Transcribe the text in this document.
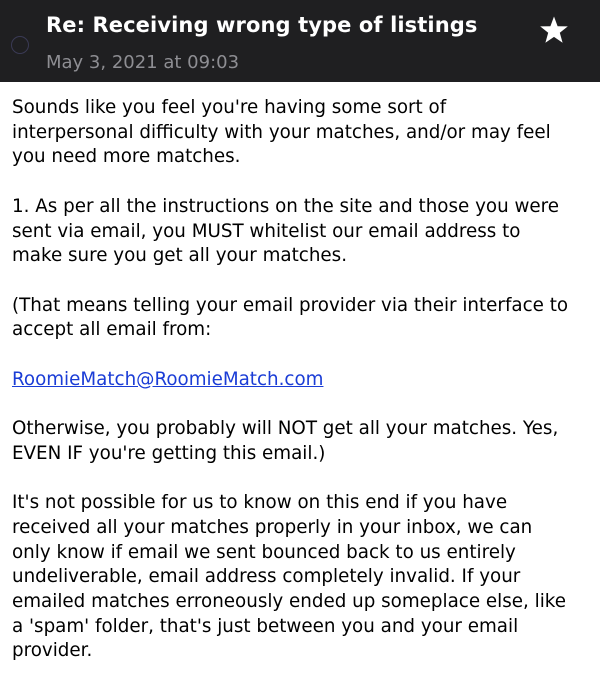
Re: Receiving wrong type of listings
May 3, 2021 at 09:03

Sounds like you feel you're having some sort of
interpersonal difficulty with your matches, and/or may feel
you need more matches.

1. As per all the instructions on the site and those you were
sent via email, you MUST whitelist our email address to
make sure you get all your matches.

(That means telling your email provider via their interface to
accept all email from:

RoomieMatch@RoomieMatch.com

Otherwise, you probably will NOT get all your matches. Yes,
EVEN IF you're getting this email.)

It's not possible for us to know on this end if you have
received all your matches properly in your inbox, we can
only know if email we sent bounced back to us entirely
undeliverable, email address completely invalid. If your
emailed matches erroneously ended up someplace else, like
a 'spam' folder, that's just between you and your email
provider.
